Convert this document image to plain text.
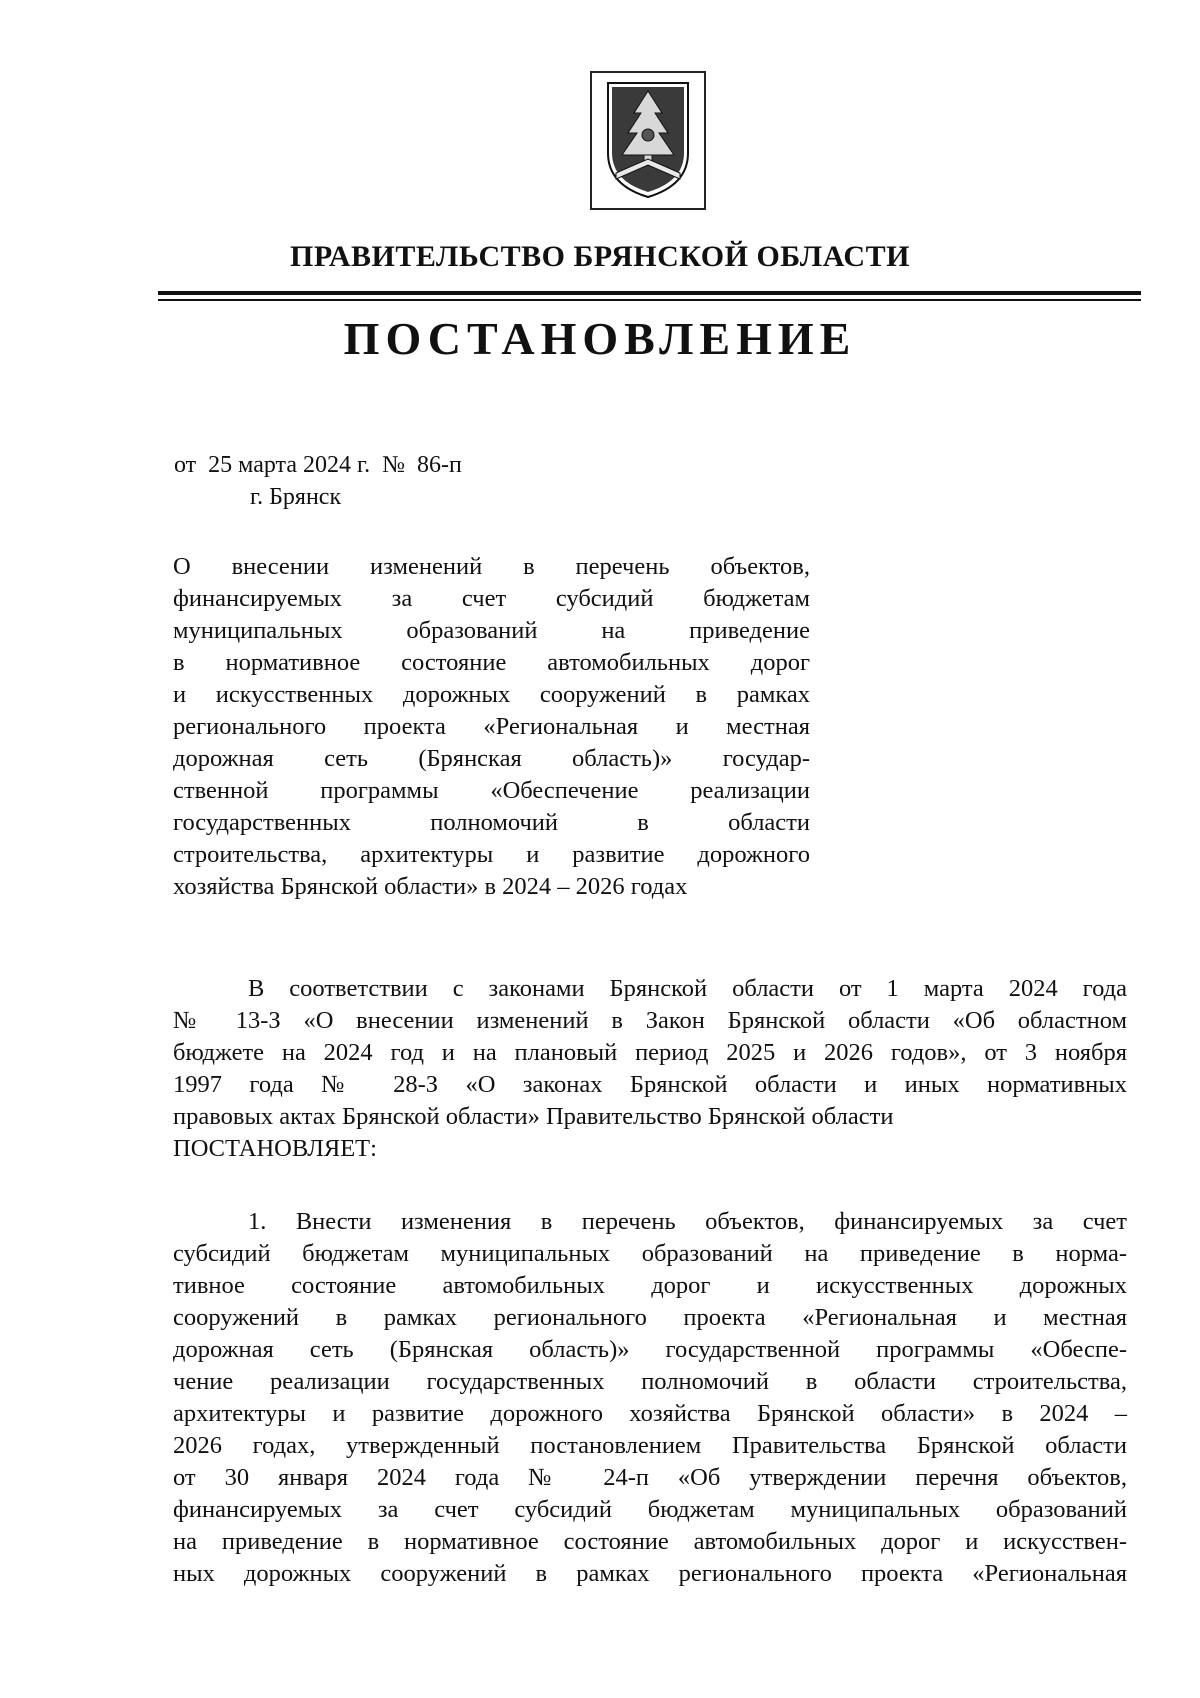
ПРАВИТЕЛЬСТВО БРЯНСКОЙ ОБЛАСТИ
ПОСТАНОВЛЕНИЕ
от  25 марта 2024 г.  №  86-п
г. Брянск
О внесении изменений в перечень объектов,
финансируемых за счет субсидий бюджетам
муниципальных образований на приведение
в нормативное состояние автомобильных дорог
и искусственных дорожных сооружений в рамках
регионального проекта «Региональная и местная
дорожная сеть (Брянская область)» государ-
ственной программы «Обеспечение реализации
государственных полномочий в области
строительства, архитектуры и развитие дорожного
хозяйства Брянской области» в 2024 – 2026 годах
В соответствии с законами Брянской области от 1 марта 2024 года
№ 13-З «О внесении изменений в Закон Брянской области «Об областном
бюджете на 2024 год и на плановый период 2025 и 2026 годов», от 3 ноября
1997 года № 28-З «О законах Брянской области и иных нормативных
правовых актах Брянской области» Правительство Брянской области
ПОСТАНОВЛЯЕТ:
1. Внести изменения в перечень объектов, финансируемых за счет
субсидий бюджетам муниципальных образований на приведение в норма-
тивное состояние автомобильных дорог и искусственных дорожных
сооружений в рамках регионального проекта «Региональная и местная
дорожная сеть (Брянская область)» государственной программы «Обеспе-
чение реализации государственных полномочий в области строительства,
архитектуры и развитие дорожного хозяйства Брянской области» в 2024 –
2026 годах, утвержденный постановлением Правительства Брянской области
от 30 января 2024 года № 24-п «Об утверждении перечня объектов,
финансируемых за счет субсидий бюджетам муниципальных образований
на приведение в нормативное состояние автомобильных дорог и искусствен-
ных дорожных сооружений в рамках регионального проекта «Региональная
